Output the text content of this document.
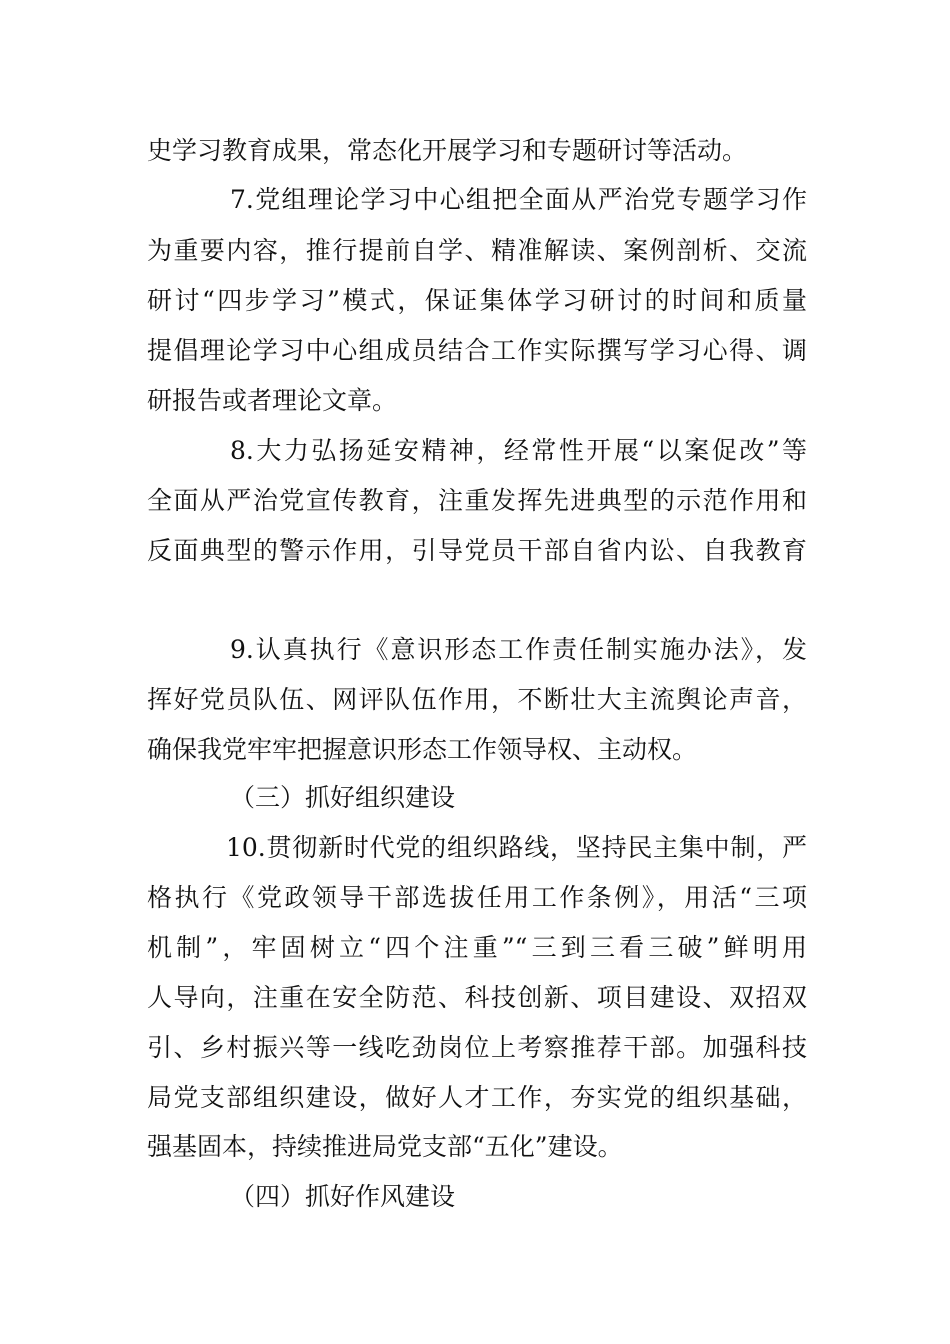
史学习教育成果，常态化开展学习和专题研讨等活动。
7.党组理论学习中心组把全面从严治党专题学习作
为重要内容，推行提前自学、精准解读、案例剖析、交流
研讨“四步学习”模式，保证集体学习研讨的时间和质量
提倡理论学习中心组成员结合工作实际撰写学习心得、调
研报告或者理论文章。
8.大力弘扬延安精神，经常性开展“以案促改”等
全面从严治党宣传教育，注重发挥先进典型的示范作用和
反面典型的警示作用，引导党员干部自省内讼、自我教育
9.认真执行《意识形态工作责任制实施办法》，发
挥好党员队伍、网评队伍作用，不断壮大主流舆论声音，
确保我党牢牢把握意识形态工作领导权、主动权。
（三）抓好组织建设
10.贯彻新时代党的组织路线，坚持民主集中制，严
格执行《党政领导干部选拔任用工作条例》，用活“三项
机制”，牢固树立“四个注重”“三到三看三破”鲜明用
人导向，注重在安全防范、科技创新、项目建设、双招双
引、乡村振兴等一线吃劲岗位上考察推荐干部。加强科技
局党支部组织建设，做好人才工作，夯实党的组织基础，
强基固本，持续推进局党支部“五化”建设。
（四）抓好作风建设
